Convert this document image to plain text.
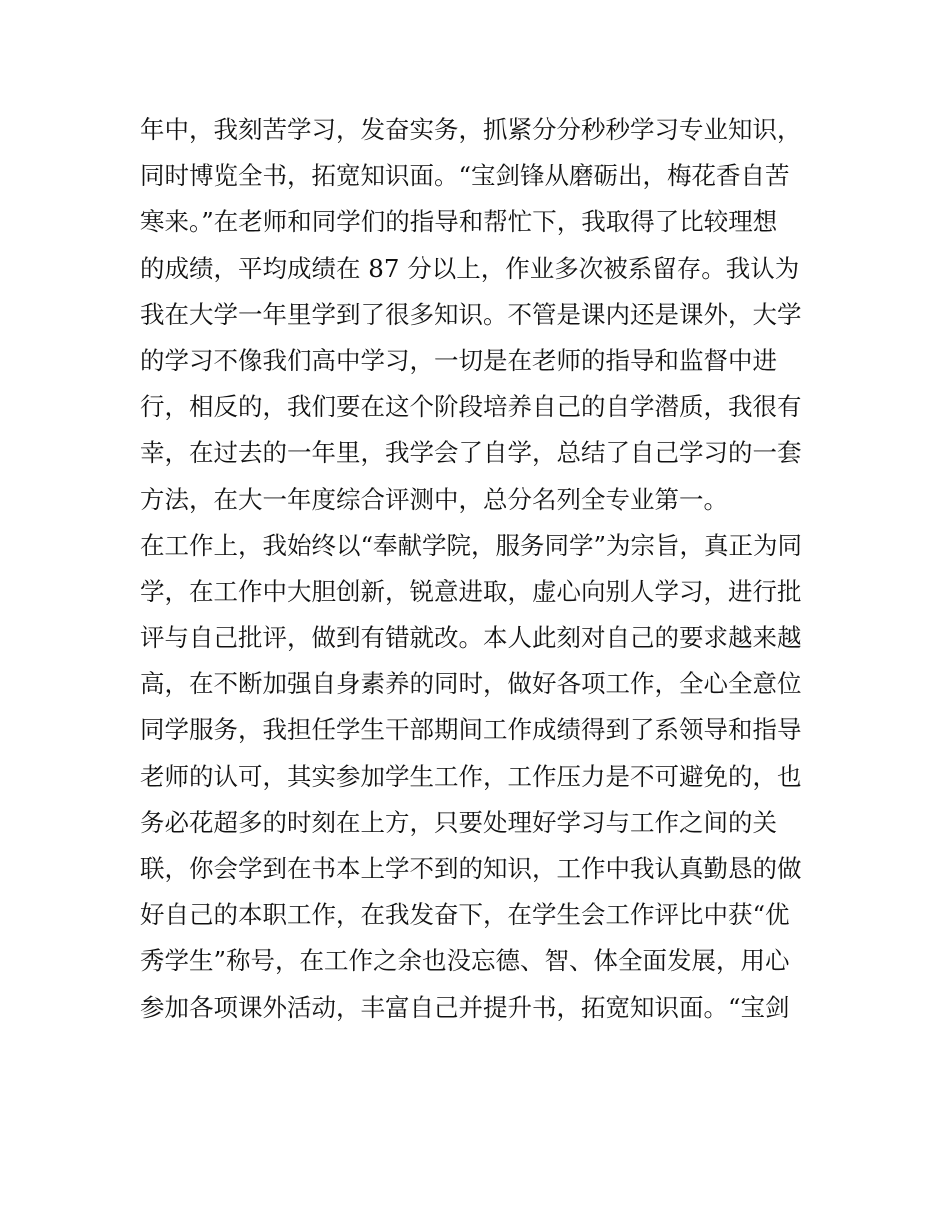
年中，我刻苦学习，发奋实务，抓紧分分秒秒学习专业知识，
同时博览全书，拓宽知识面。“宝剑锋从磨砺出，梅花香自苦
寒来。”在老师和同学们的指导和帮忙下，我取得了比较理想
的成绩，平均成绩在 87 分以上，作业多次被系留存。我认为
我在大学一年里学到了很多知识。不管是课内还是课外，大学
的学习不像我们高中学习，一切是在老师的指导和监督中进
行，相反的，我们要在这个阶段培养自己的自学潜质，我很有
幸，在过去的一年里，我学会了自学，总结了自己学习的一套
方法，在大一年度综合评测中，总分名列全专业第一。
在工作上，我始终以“奉献学院，服务同学”为宗旨，真正为同
学，在工作中大胆创新，锐意进取，虚心向别人学习，进行批
评与自己批评，做到有错就改。本人此刻对自己的要求越来越
高，在不断加强自身素养的同时，做好各项工作，全心全意位
同学服务，我担任学生干部期间工作成绩得到了系领导和指导
老师的认可，其实参加学生工作，工作压力是不可避免的，也
务必花超多的时刻在上方，只要处理好学习与工作之间的关
联，你会学到在书本上学不到的知识，工作中我认真勤恳的做
好自己的本职工作，在我发奋下，在学生会工作评比中获“优
秀学生”称号，在工作之余也没忘德、智、体全面发展，用心
参加各项课外活动，丰富自己并提升书，拓宽知识面。“宝剑
